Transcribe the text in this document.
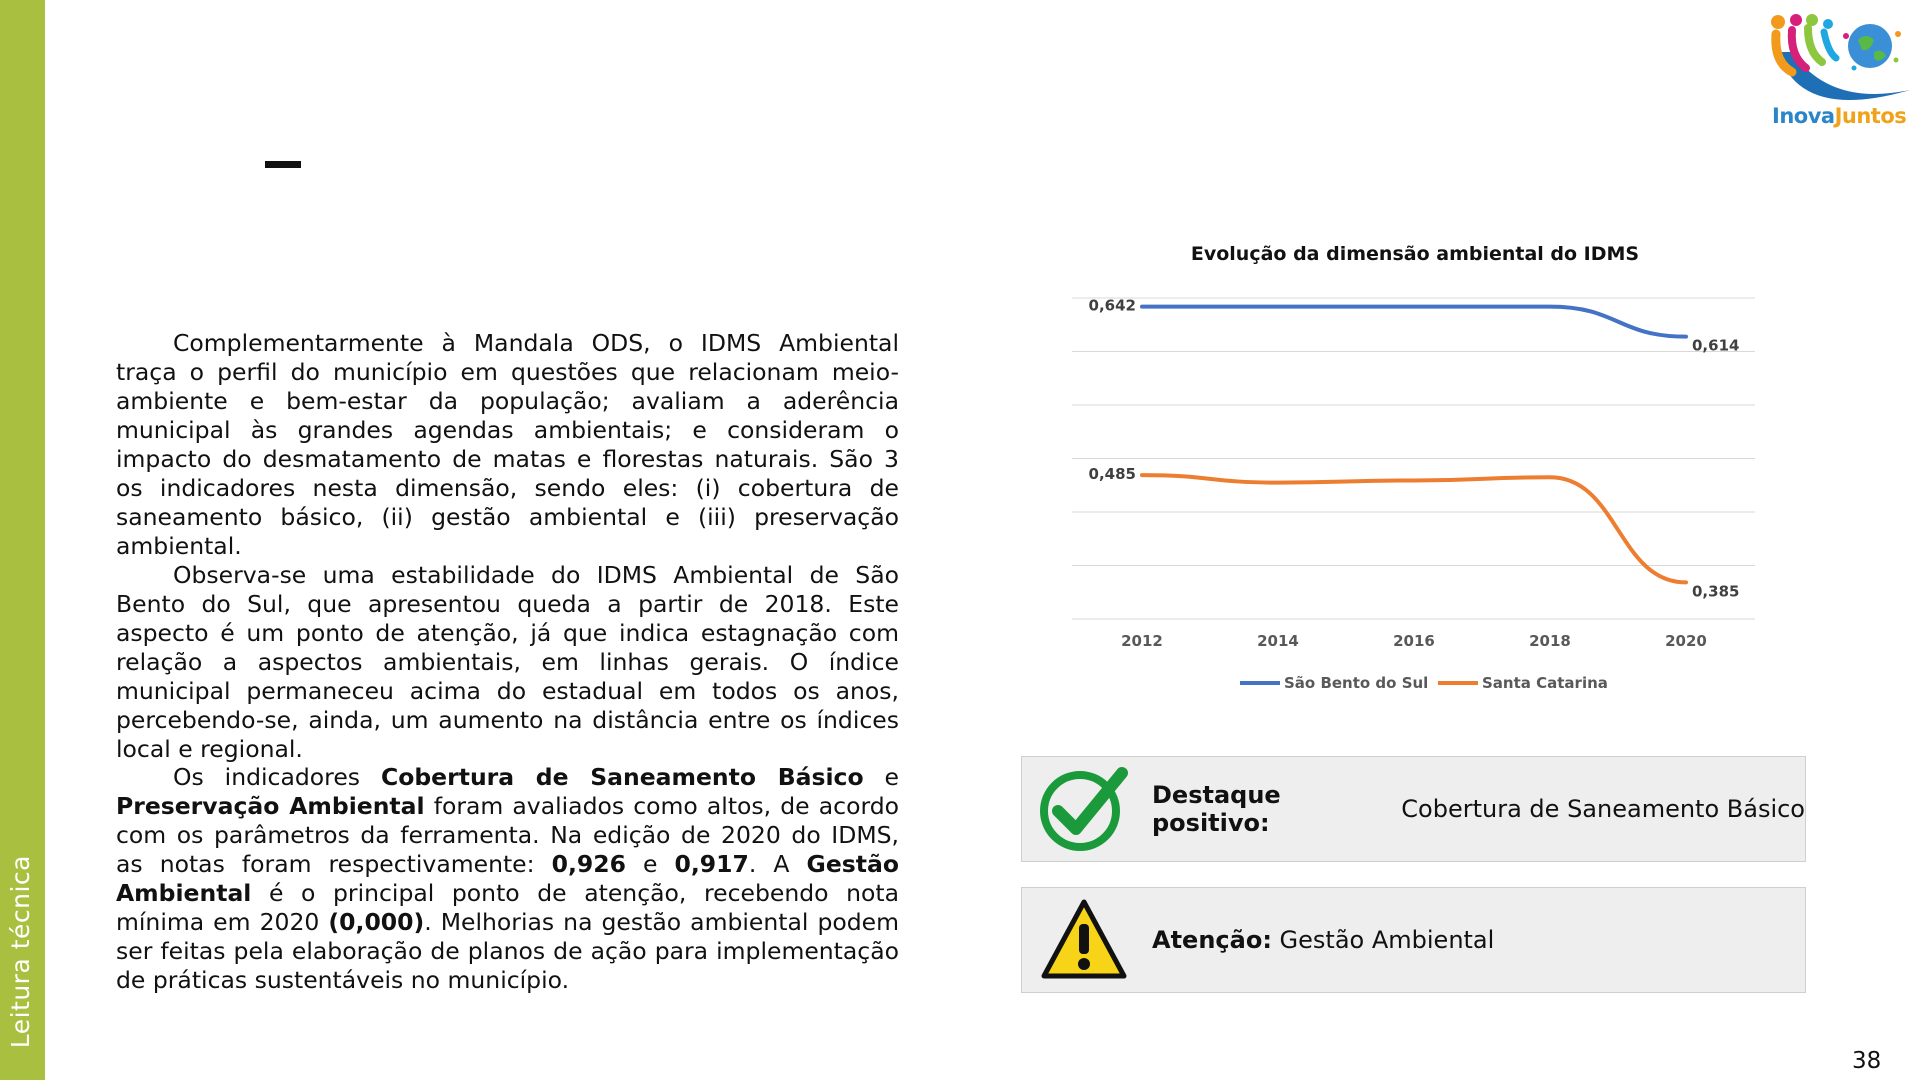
Leitura técnica
InovaJuntos

Complementarmente à Mandala ODS, o IDMS Ambiental traça o perfil do município em questões que relacionam meio-ambiente e bem-estar da população; avaliam a aderência municipal às grandes agendas ambientais; e consideram o impacto do desmatamento de matas e florestas naturais. São 3 os indicadores nesta dimensão, sendo eles: (i) cobertura de saneamento básico, (ii) gestão ambiental e (iii) preservação ambiental.

Observa-se uma estabilidade do IDMS Ambiental de São Bento do Sul, que apresentou queda a partir de 2018. Este aspecto é um ponto de atenção, já que indica estagnação com relação a aspectos ambientais, em linhas gerais. O índice municipal permaneceu acima do estadual em todos os anos, percebendo-se, ainda, um aumento na distância entre os índices local e regional.

Os indicadores Cobertura de Saneamento Básico e Preservação Ambiental foram avaliados como altos, de acordo com os parâmetros da ferramenta. Na edição de 2020 do IDMS, as notas foram respectivamente: 0,926 e 0,917. A Gestão Ambiental é o principal ponto de atenção, recebendo nota mínima em 2020 (0,000). Melhorias na gestão ambiental podem ser feitas pela elaboração de planos de ação para implementação de práticas sustentáveis no município.

Evolução da dimensão ambiental do IDMS
2012	2014	2016	2018	2020
0,642
0,614
0,485
0,385
São Bento do Sul	Santa Catarina
Destaque positivo:	Cobertura de Saneamento Básico
Atenção: Gestão Ambiental
38
